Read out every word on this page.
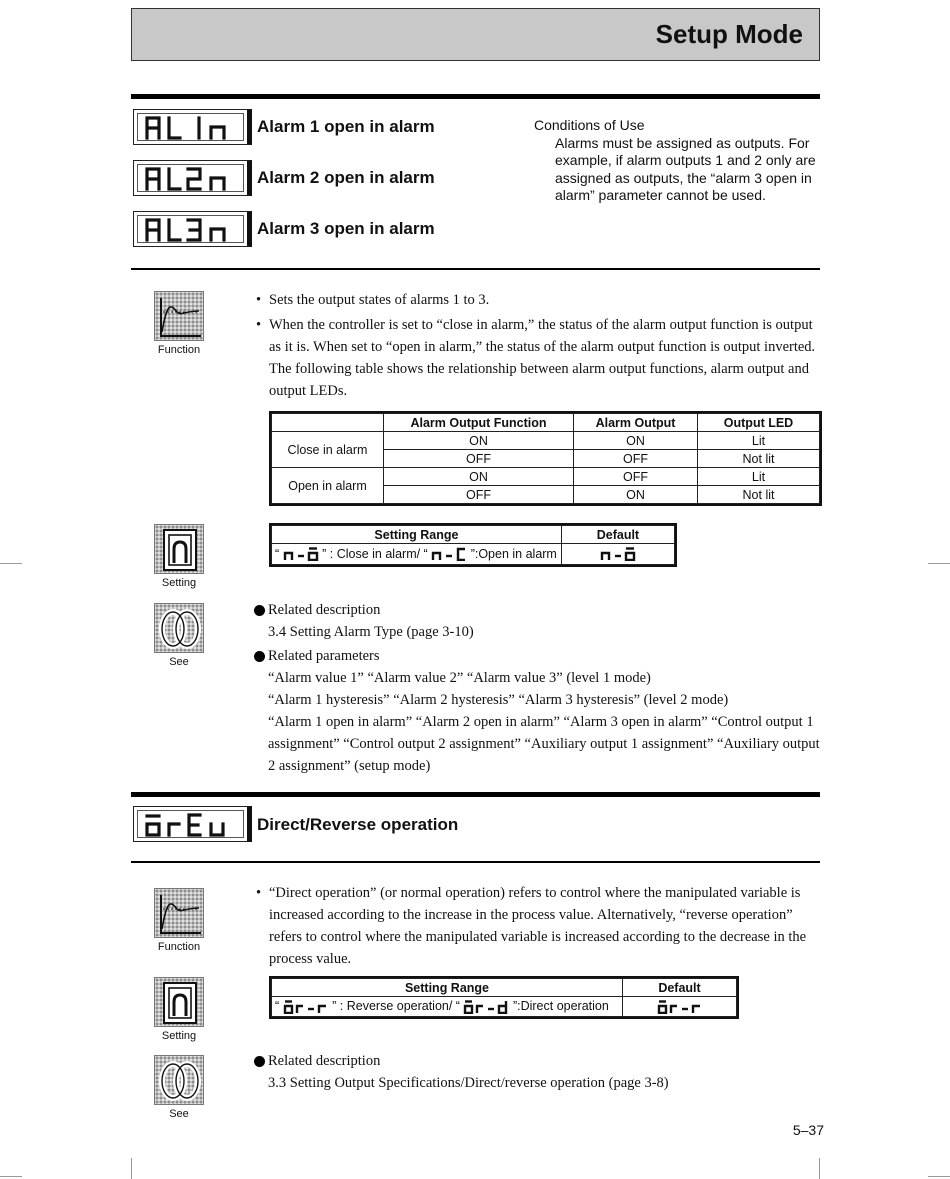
Setup Mode
Alarm 1 open in alarm
Alarm 2 open in alarm
Alarm 3 open in alarm
Conditions of Use
Alarms must be assigned as outputs. For example, if alarm outputs 1 and 2 only are assigned as outputs, the “alarm 3 open in alarm” parameter cannot be used.
Function
• Sets the output states of alarms 1 to 3.
• When the controller is set to “close in alarm,” the status of the alarm output function is output as it is. When set to “open in alarm,” the status of the alarm output function is output inverted. The following table shows the relationship between alarm output functions, alarm output and output LEDs.
	Alarm Output Function	Alarm Output	Output LED
Close in alarm	ON	ON	Lit
	OFF	OFF	Not lit
Open in alarm	ON	OFF	Lit
	OFF	ON	Not lit
Setting
Setting Range	Default
“ ” : Close in alarm/ “ ”:Open in alarm	
See
Related description
3.4 Setting Alarm Type (page 3-10)
Related parameters
“Alarm value 1” “Alarm value 2” “Alarm value 3” (level 1 mode)
“Alarm 1 hysteresis” “Alarm 2 hysteresis” “Alarm 3 hysteresis” (level 2 mode)
“Alarm 1 open in alarm” “Alarm 2 open in alarm” “Alarm 3 open in alarm” “Control output 1 assignment” “Control output 2 assignment” “Auxiliary output 1 assignment” “Auxiliary output 2 assignment” (setup mode)
Direct/Reverse operation
Function
• “Direct operation” (or normal operation) refers to control where the manipulated variable is increased according to the increase in the process value. Alternatively, “reverse operation” refers to control where the manipulated variable is increased according to the decrease in the process value.
Setting
Setting Range	Default
“ ” : Reverse operation/ “ ”:Direct operation	
See
Related description
3.3 Setting Output Specifications/Direct/reverse operation (page 3-8)
5–37
